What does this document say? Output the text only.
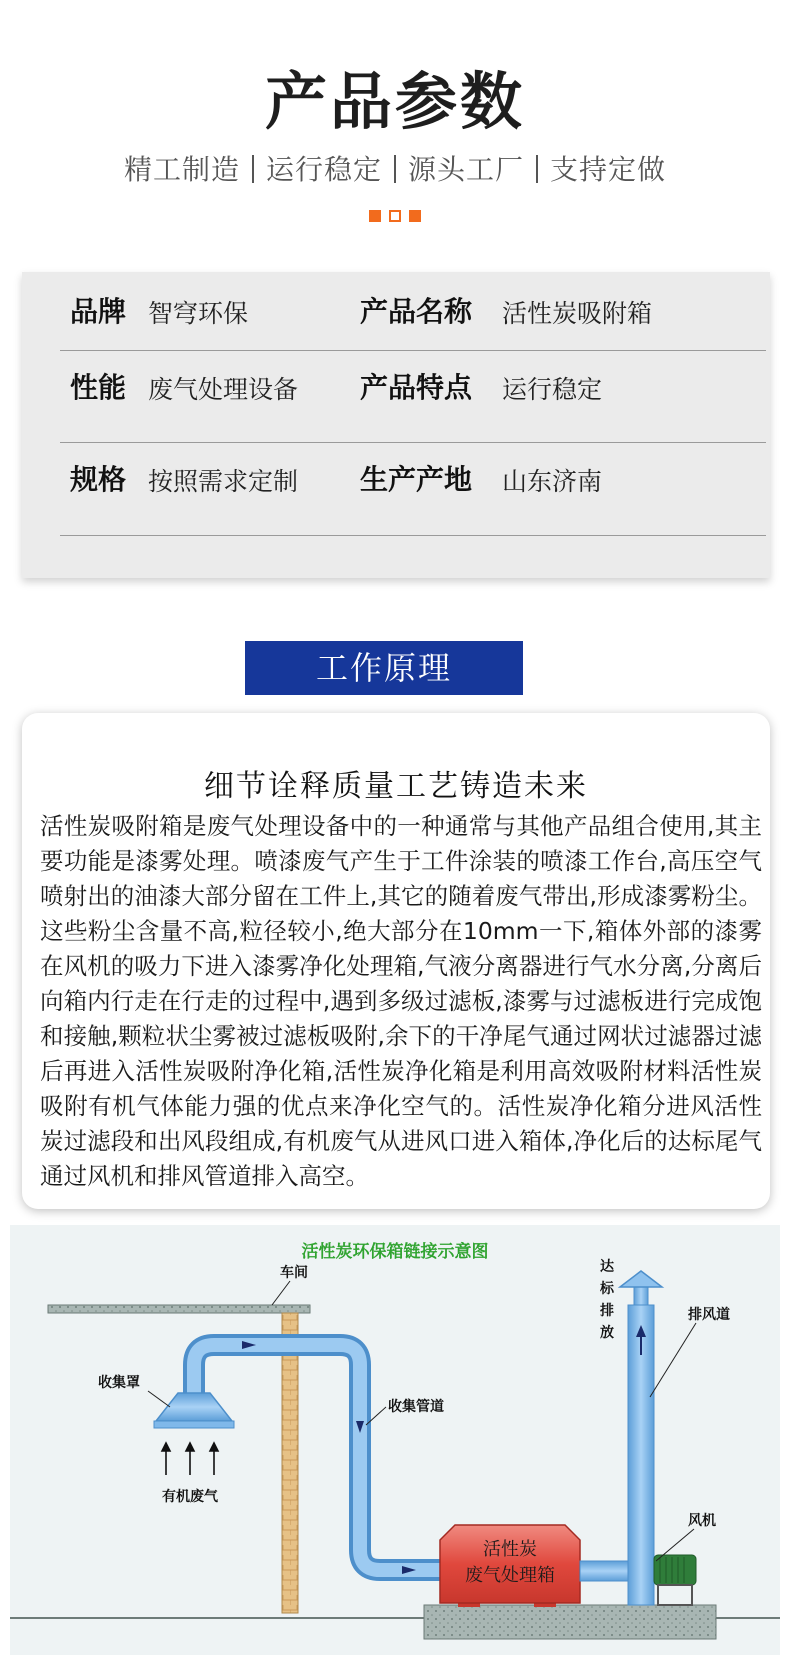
产品参数
精工制造 运行稳定 源头工厂 支持定做
品牌 智穹环保	产品名称 活性炭吸附箱
性能 废气处理设备 产品特点 运行稳定
规格 按照需求定制 生产产地 山东济南
工作原理
细节诠释质量工艺铸造未来
活性炭吸附箱是废气处理设备中的一种通常与其他产品组合使用,其主要功能是漆雾处理。喷漆废气产生于工件涂装的喷漆工作台,高压空气喷射出的油漆大部分留在工件上,其它的随着废气带出,形成漆雾粉尘。这些粉尘含量不高,粒径较小,绝大部分在10mm一下,箱体外部的漆雾在风机的吸力下进入漆雾净化处理箱,气液分离器进行气水分离,分离后向箱内行走在行走的过程中,遇到多级过滤板,漆雾与过滤板进行完成饱和接触,颗粒状尘雾被过滤板吸附,余下的干净尾气通过网状过滤器过滤后再进入活性炭吸附净化箱,活性炭净化箱是利用高效吸附材料活性炭吸附有机气体能力强的优点来净化空气的。活性炭净化箱分进风活性炭过滤段和出风段组成,有机废气从进风口进入箱体,净化后的达标尾气通过风机和排风管道排入高空。
活性炭环保箱链接示意图
车间
收集罩
有机废气
收集管道
活性炭
废气处理箱
达 标 排 放
排风道
风机
